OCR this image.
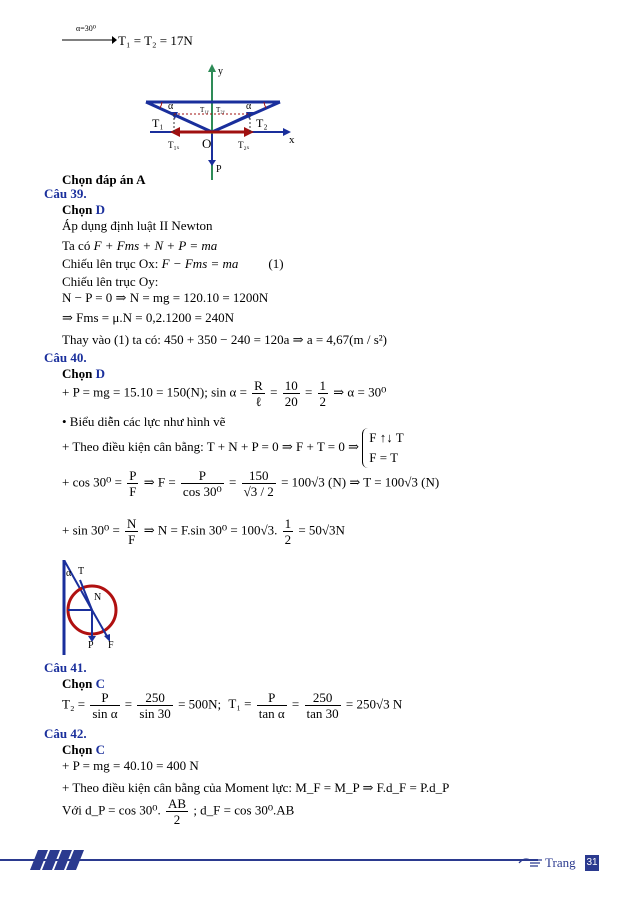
α=30⁰
T₁ = T₂ = 17N
y
x
O
T₁	T₂
T₁ₓ	T₂ₓ
T₁ᵧ T₂ᵧ
α	α
P
Chọn đáp án A
Câu 39.
Chọn D
Áp dụng định luật II Newton
Ta có F + Fms + N + P = ma
Chiếu lên trục Ox: F − Fms = ma (1)
Chiếu lên trục Oy:
N − P = 0 ⇒ N = mg = 120.10 = 1200N
⇒ Fms = μ.N = 0,2.1200 = 240N
Thay vào (1) ta có: 450 + 350 − 240 = 120a ⇒ a = 4,67(m / s²)
Câu 40.
Chọn D
+ P = mg = 15.10 = 150(N); $\sin \alpha = \frac{R}{\text{ℓ}} = \frac{10}{20} = \frac{1}{2}$ ⇒ α = 30⁰
• Biểu diễn các lực như hình vẽ
+ Theo điều kiện cân bằng: T + N + P = 0 ⇒ F + T = 0 ⇒
F ↑↓ T
F = T
+ $\cos 30^0 = \frac{P}{F}$ ⇒ $F = \frac{P}{\text{cos 30⁰}} = \frac{150}{√3 / 2} = 100√3$ (N) ⇒ T = 100√3 (N)
+ $\sin 30^0 = \frac{N}{F}$ ⇒ N = F.sin 30⁰ = 100√3. $\frac{1}{2} = 50√3N$
α T
N
P F
Câu 41.
Chọn C
$T_2 = \frac{P}{\text{sin α}} = \frac{250}{\sin 30} = 500N$; $T_1 = \frac{P}{\text{tan α}} = \frac{250}{\tan 30} = 250√3$ N
Câu 42.
Chọn C
+ P = mg = 40.10 = 400 N
+ Theo điều kiện cân bằng của Moment lực: M_F = M_P ⇒ F.d_F = P.d_P
Với d_P = cos 30⁰. $\frac{AB}{2}$ ; d_F = cos 30⁰.AB
Trang 31
